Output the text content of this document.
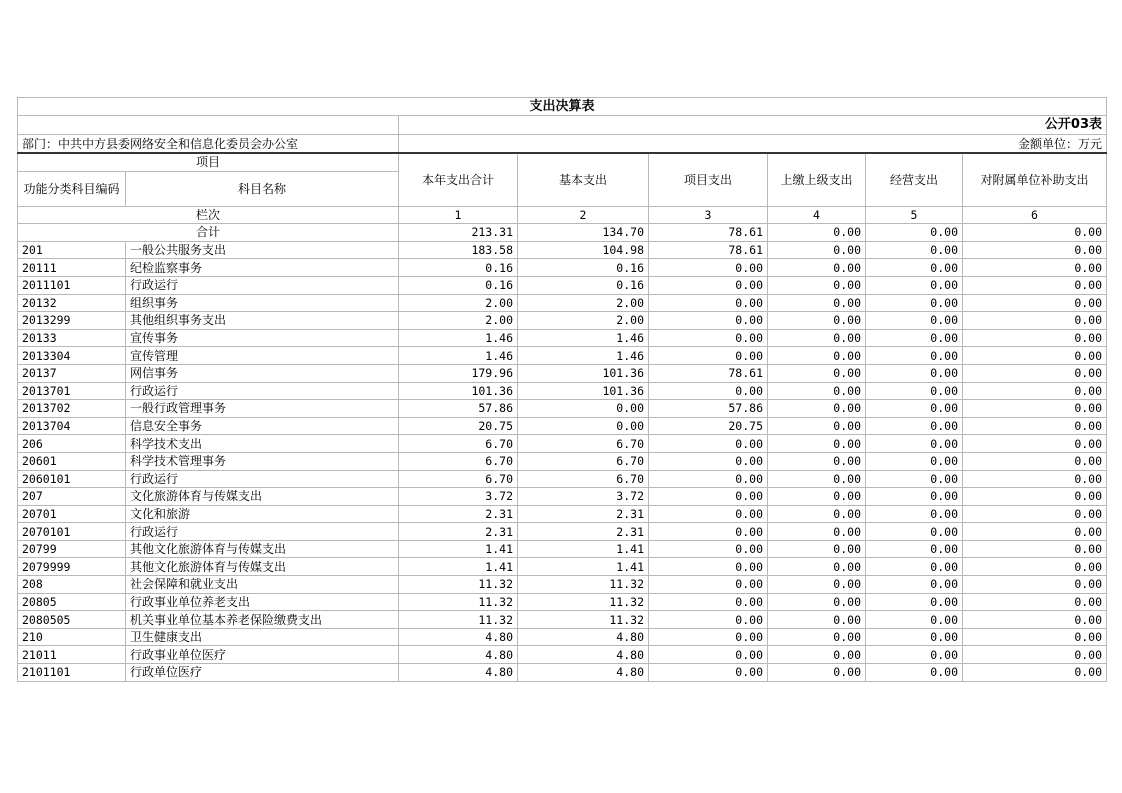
支出决算表							
		公开03表					
部门：中共中方县委网络安全和信息化委员会办公室		金额单位：万元					
项目		本年支出合计	基本支出	项目支出	上缴上级支出	经营支出	对附属单位补助支出
功能分类科目编码	科目名称						
栏次		1	2	3	4	5	6
合计		213.31	134.70	78.61	0.00	0.00	0.00
201	一般公共服务支出	183.58	104.98	78.61	0.00	0.00	0.00
20111	纪检监察事务	0.16	0.16	0.00	0.00	0.00	0.00
2011101	行政运行	0.16	0.16	0.00	0.00	0.00	0.00
20132	组织事务	2.00	2.00	0.00	0.00	0.00	0.00
2013299	其他组织事务支出	2.00	2.00	0.00	0.00	0.00	0.00
20133	宣传事务	1.46	1.46	0.00	0.00	0.00	0.00
2013304	宣传管理	1.46	1.46	0.00	0.00	0.00	0.00
20137	网信事务	179.96	101.36	78.61	0.00	0.00	0.00
2013701	行政运行	101.36	101.36	0.00	0.00	0.00	0.00
2013702	一般行政管理事务	57.86	0.00	57.86	0.00	0.00	0.00
2013704	信息安全事务	20.75	0.00	20.75	0.00	0.00	0.00
206	科学技术支出	6.70	6.70	0.00	0.00	0.00	0.00
20601	科学技术管理事务	6.70	6.70	0.00	0.00	0.00	0.00
2060101	行政运行	6.70	6.70	0.00	0.00	0.00	0.00
207	文化旅游体育与传媒支出	3.72	3.72	0.00	0.00	0.00	0.00
20701	文化和旅游	2.31	2.31	0.00	0.00	0.00	0.00
2070101	行政运行	2.31	2.31	0.00	0.00	0.00	0.00
20799	其他文化旅游体育与传媒支出	1.41	1.41	0.00	0.00	0.00	0.00
2079999	其他文化旅游体育与传媒支出	1.41	1.41	0.00	0.00	0.00	0.00
208	社会保障和就业支出	11.32	11.32	0.00	0.00	0.00	0.00
20805	行政事业单位养老支出	11.32	11.32	0.00	0.00	0.00	0.00
2080505	机关事业单位基本养老保险缴费支出	11.32	11.32	0.00	0.00	0.00	0.00
210	卫生健康支出	4.80	4.80	0.00	0.00	0.00	0.00
21011	行政事业单位医疗	4.80	4.80	0.00	0.00	0.00	0.00
2101101	行政单位医疗	4.80	4.80	0.00	0.00	0.00	0.00
